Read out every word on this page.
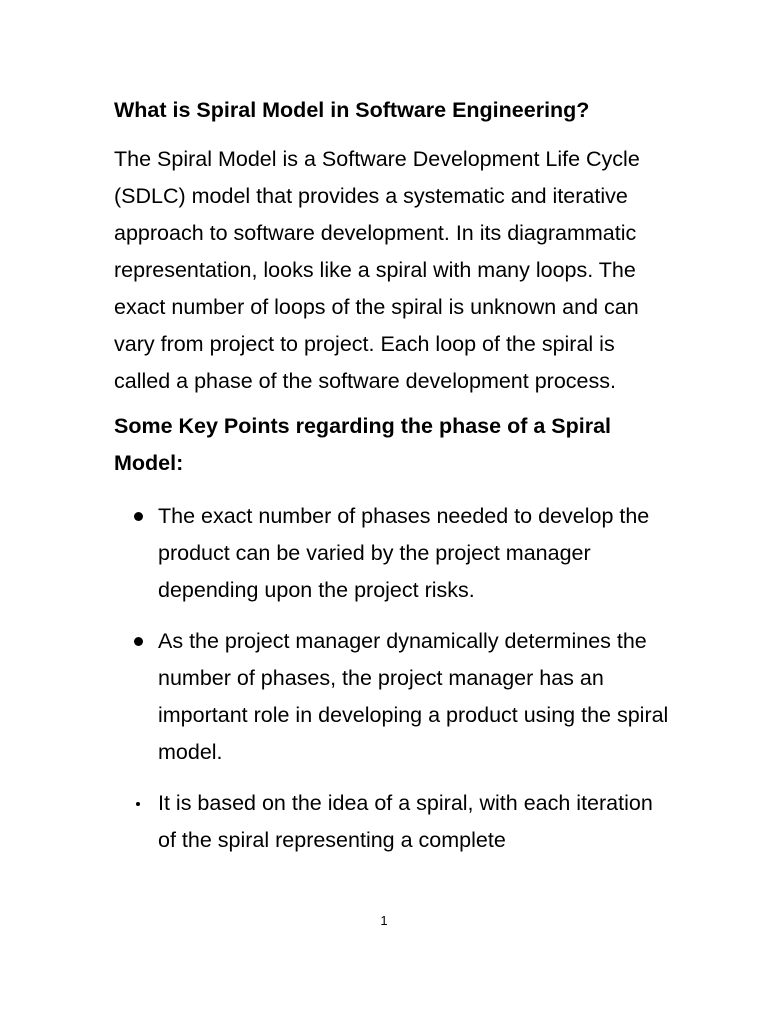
What is Spiral Model in Software Engineering?

The Spiral Model is a Software Development Life Cycle (SDLC) model that provides a systematic and iterative approach to software development. In its diagrammatic representation, looks like a spiral with many loops. The exact number of loops of the spiral is unknown and can vary from project to project. Each loop of the spiral is called a phase of the software development process.

Some Key Points regarding the phase of a Spiral Model:

The exact number of phases needed to develop the product can be varied by the project manager depending upon the project risks.
As the project manager dynamically determines the number of phases, the project manager has an important role in developing a product using the spiral model.
It is based on the idea of a spiral, with each iteration of the spiral representing a complete
1
